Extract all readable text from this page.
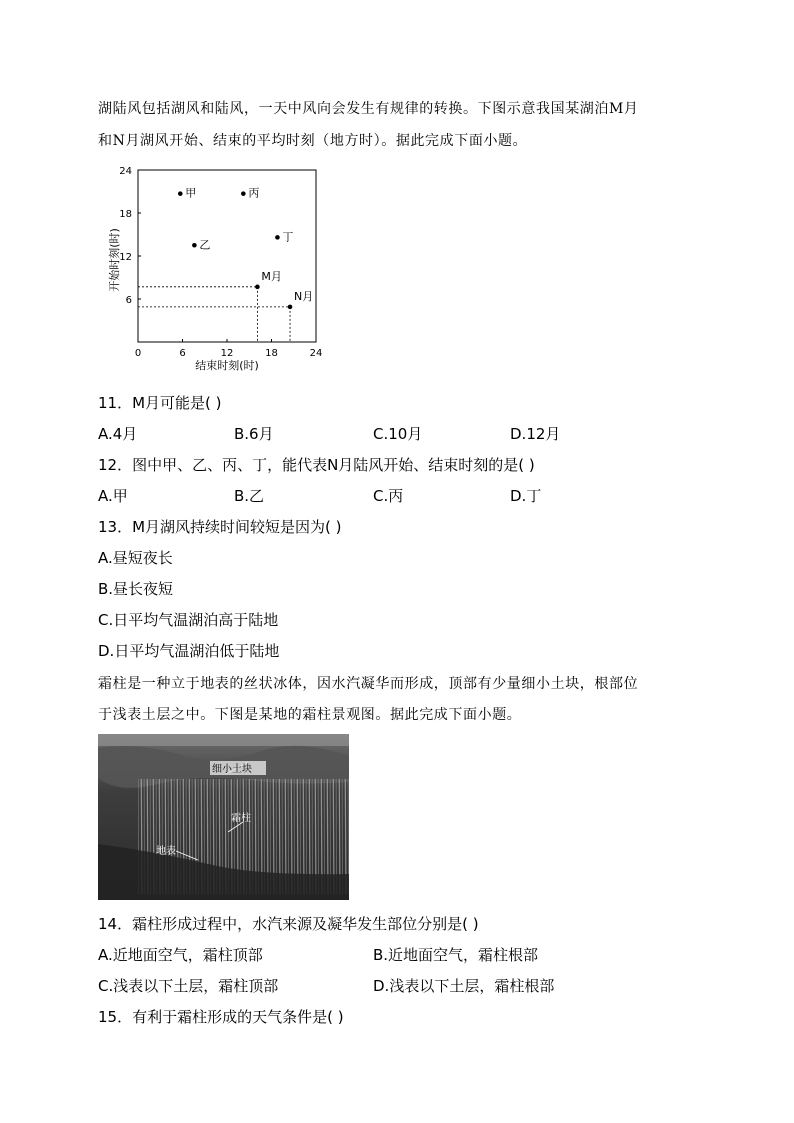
湖陆风包括湖风和陆风，一天中风向会发生有规律的转换。下图示意我国某湖泊M月
和N月湖风开始、结束的平均时刻（地方时）。据此完成下面小题。
0	6	12	18	24
6
12
18
24
甲	丙
乙
丁
M月
N月
结束时刻(时)
开始时刻(时)
11．M月可能是( )
A.4月	B.6月	C.10月	D.12月
12．图中甲、乙、丙、丁，能代表N月陆风开始、结束时刻的是( )
A.甲	B.乙	C.丙	D.丁
13．M月湖风持续时间较短是因为( )
A.昼短夜长
B.昼长夜短
C.日平均气温湖泊高于陆地
D.日平均气温湖泊低于陆地
霜柱是一种立于地表的丝状冰体，因水汽凝华而形成，顶部有少量细小土块，根部位
于浅表土层之中。下图是某地的霜柱景观图。据此完成下面小题。
细小土块
霜柱
地表
14．霜柱形成过程中，水汽来源及凝华发生部位分别是( )
A.近地面空气，霜柱顶部	B.近地面空气，霜柱根部
C.浅表以下土层，霜柱顶部	D.浅表以下土层，霜柱根部
15．有利于霜柱形成的天气条件是( )
